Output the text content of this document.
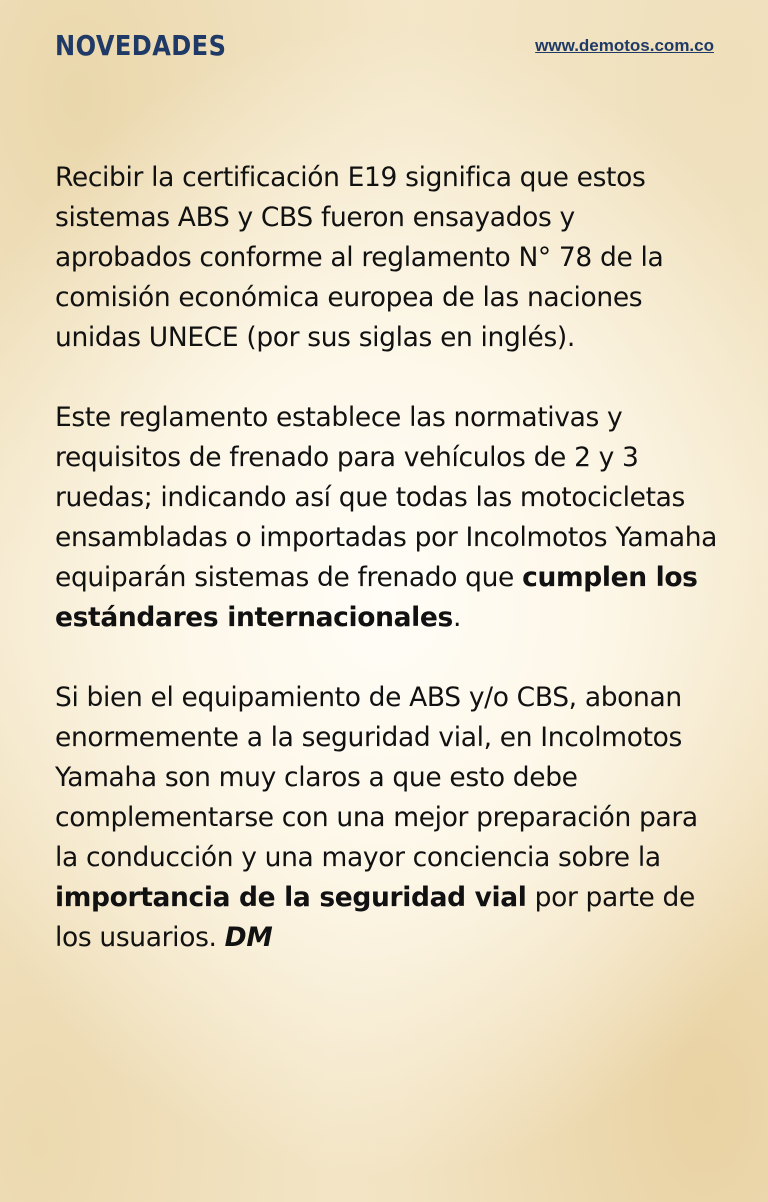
NOVEDADES	www.demotos.com.co

Recibir la certificación E19 significa que estos sistemas ABS y CBS fueron ensayados y aprobados conforme al reglamento N° 78 de la comisión económica europea de las naciones unidas UNECE (por sus siglas en inglés).

Este reglamento establece las normativas y requisitos de frenado para vehículos de 2 y 3 ruedas; indicando así que todas las motocicletas ensambladas o importadas por Incolmotos Yamaha equiparán sistemas de frenado que cumplen los estándares internacionales.

Si bien el equipamiento de ABS y/o CBS, abonan enormemente a la seguridad vial, en Incolmotos Yamaha son muy claros a que esto debe complementarse con una mejor preparación para la conducción y una mayor conciencia sobre la importancia de la seguridad vial por parte de los usuarios. DM
